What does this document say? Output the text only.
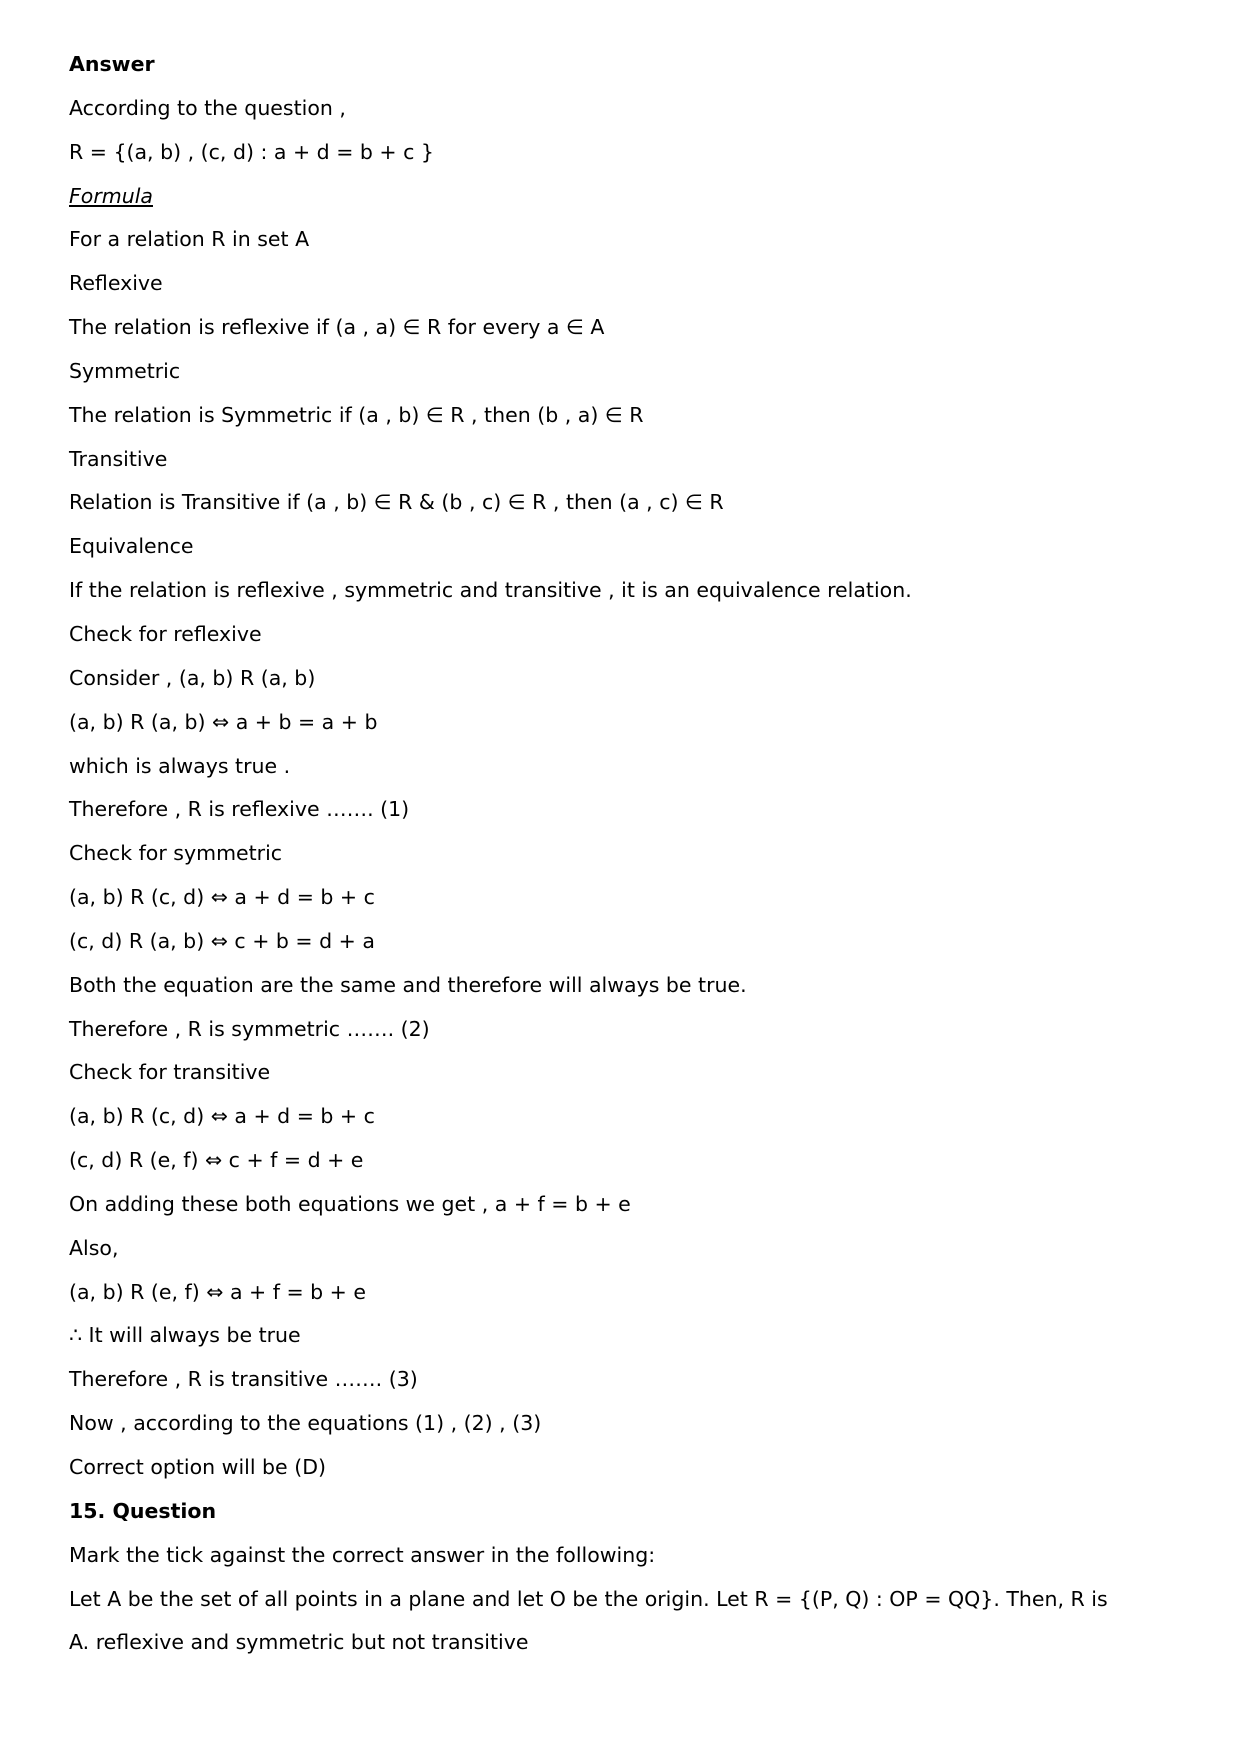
Answer
According to the question ,
R = {(a, b) , (c, d) : a + d = b + c }
Formula
For a relation R in set A
Reflexive
The relation is reflexive if (a , a) ∈ R for every a ∈ A
Symmetric
The relation is Symmetric if (a , b) ∈ R , then (b , a) ∈ R
Transitive
Relation is Transitive if (a , b) ∈ R & (b , c) ∈ R , then (a , c) ∈ R
Equivalence
If the relation is reflexive , symmetric and transitive , it is an equivalence relation.
Check for reflexive
Consider , (a, b) R (a, b)
(a, b) R (a, b) ⇔ a + b = a + b
which is always true .
Therefore , R is reflexive ……. (1)
Check for symmetric
(a, b) R (c, d) ⇔ a + d = b + c
(c, d) R (a, b) ⇔ c + b = d + a
Both the equation are the same and therefore will always be true.
Therefore , R is symmetric ……. (2)
Check for transitive
(a, b) R (c, d) ⇔ a + d = b + c
(c, d) R (e, f) ⇔ c + f = d + e
On adding these both equations we get , a + f = b + e
Also,
(a, b) R (e, f) ⇔ a + f = b + e
∴ It will always be true
Therefore , R is transitive ……. (3)
Now , according to the equations (1) , (2) , (3)
Correct option will be (D)
15. Question
Mark the tick against the correct answer in the following:
Let A be the set of all points in a plane and let O be the origin. Let R = {(P, Q) : OP = QQ}. Then, R is
A. reflexive and symmetric but not transitive
